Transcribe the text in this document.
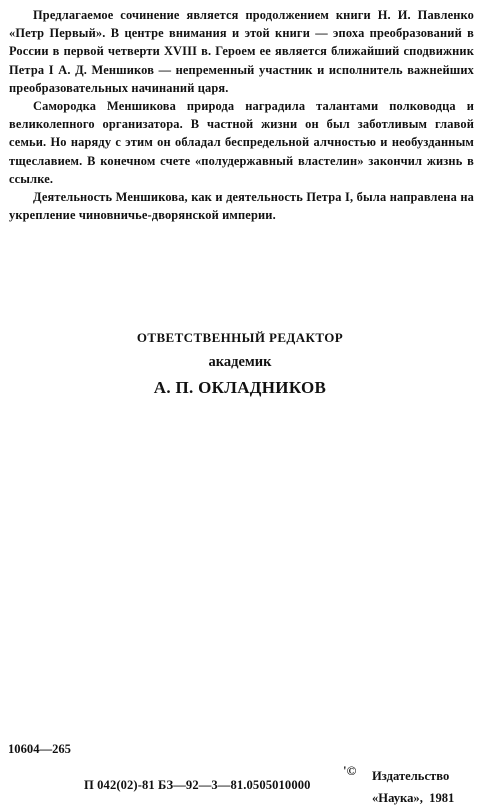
Предлагаемое сочинение является продолжением книги Н. И. Павленко «Петр Первый». В центре внимания и этой книги — эпоха преобразований в России в первой четверти XVIII в. Героем ее является ближайший сподвижник Петра I А. Д. Меншиков — непременный участник и исполнитель важнейших преобразовательных начинаний царя.

Самородка Меншикова природа наградила талантами полководца и великолепного организатора. В частной жизни он был заботливым главой семьи. Но наряду с этим он обладал беспредельной алчностью и необузданным тщеславием. В конечном счете «полудержавный властелин» закончил жизнь в ссылке.

Деятельность Меншикова, как и деятельность Петра I, была направлена на укрепление чиновничье-дворянской империи.

ОТВЕТСТВЕННЫЙ РЕДАКТОР
академик
А. П. ОКЛАДНИКОВ
10604—265
П 042(02)-81 БЗ—92—3—81.0505010000
'© Издательство
«Наука»,  1981
